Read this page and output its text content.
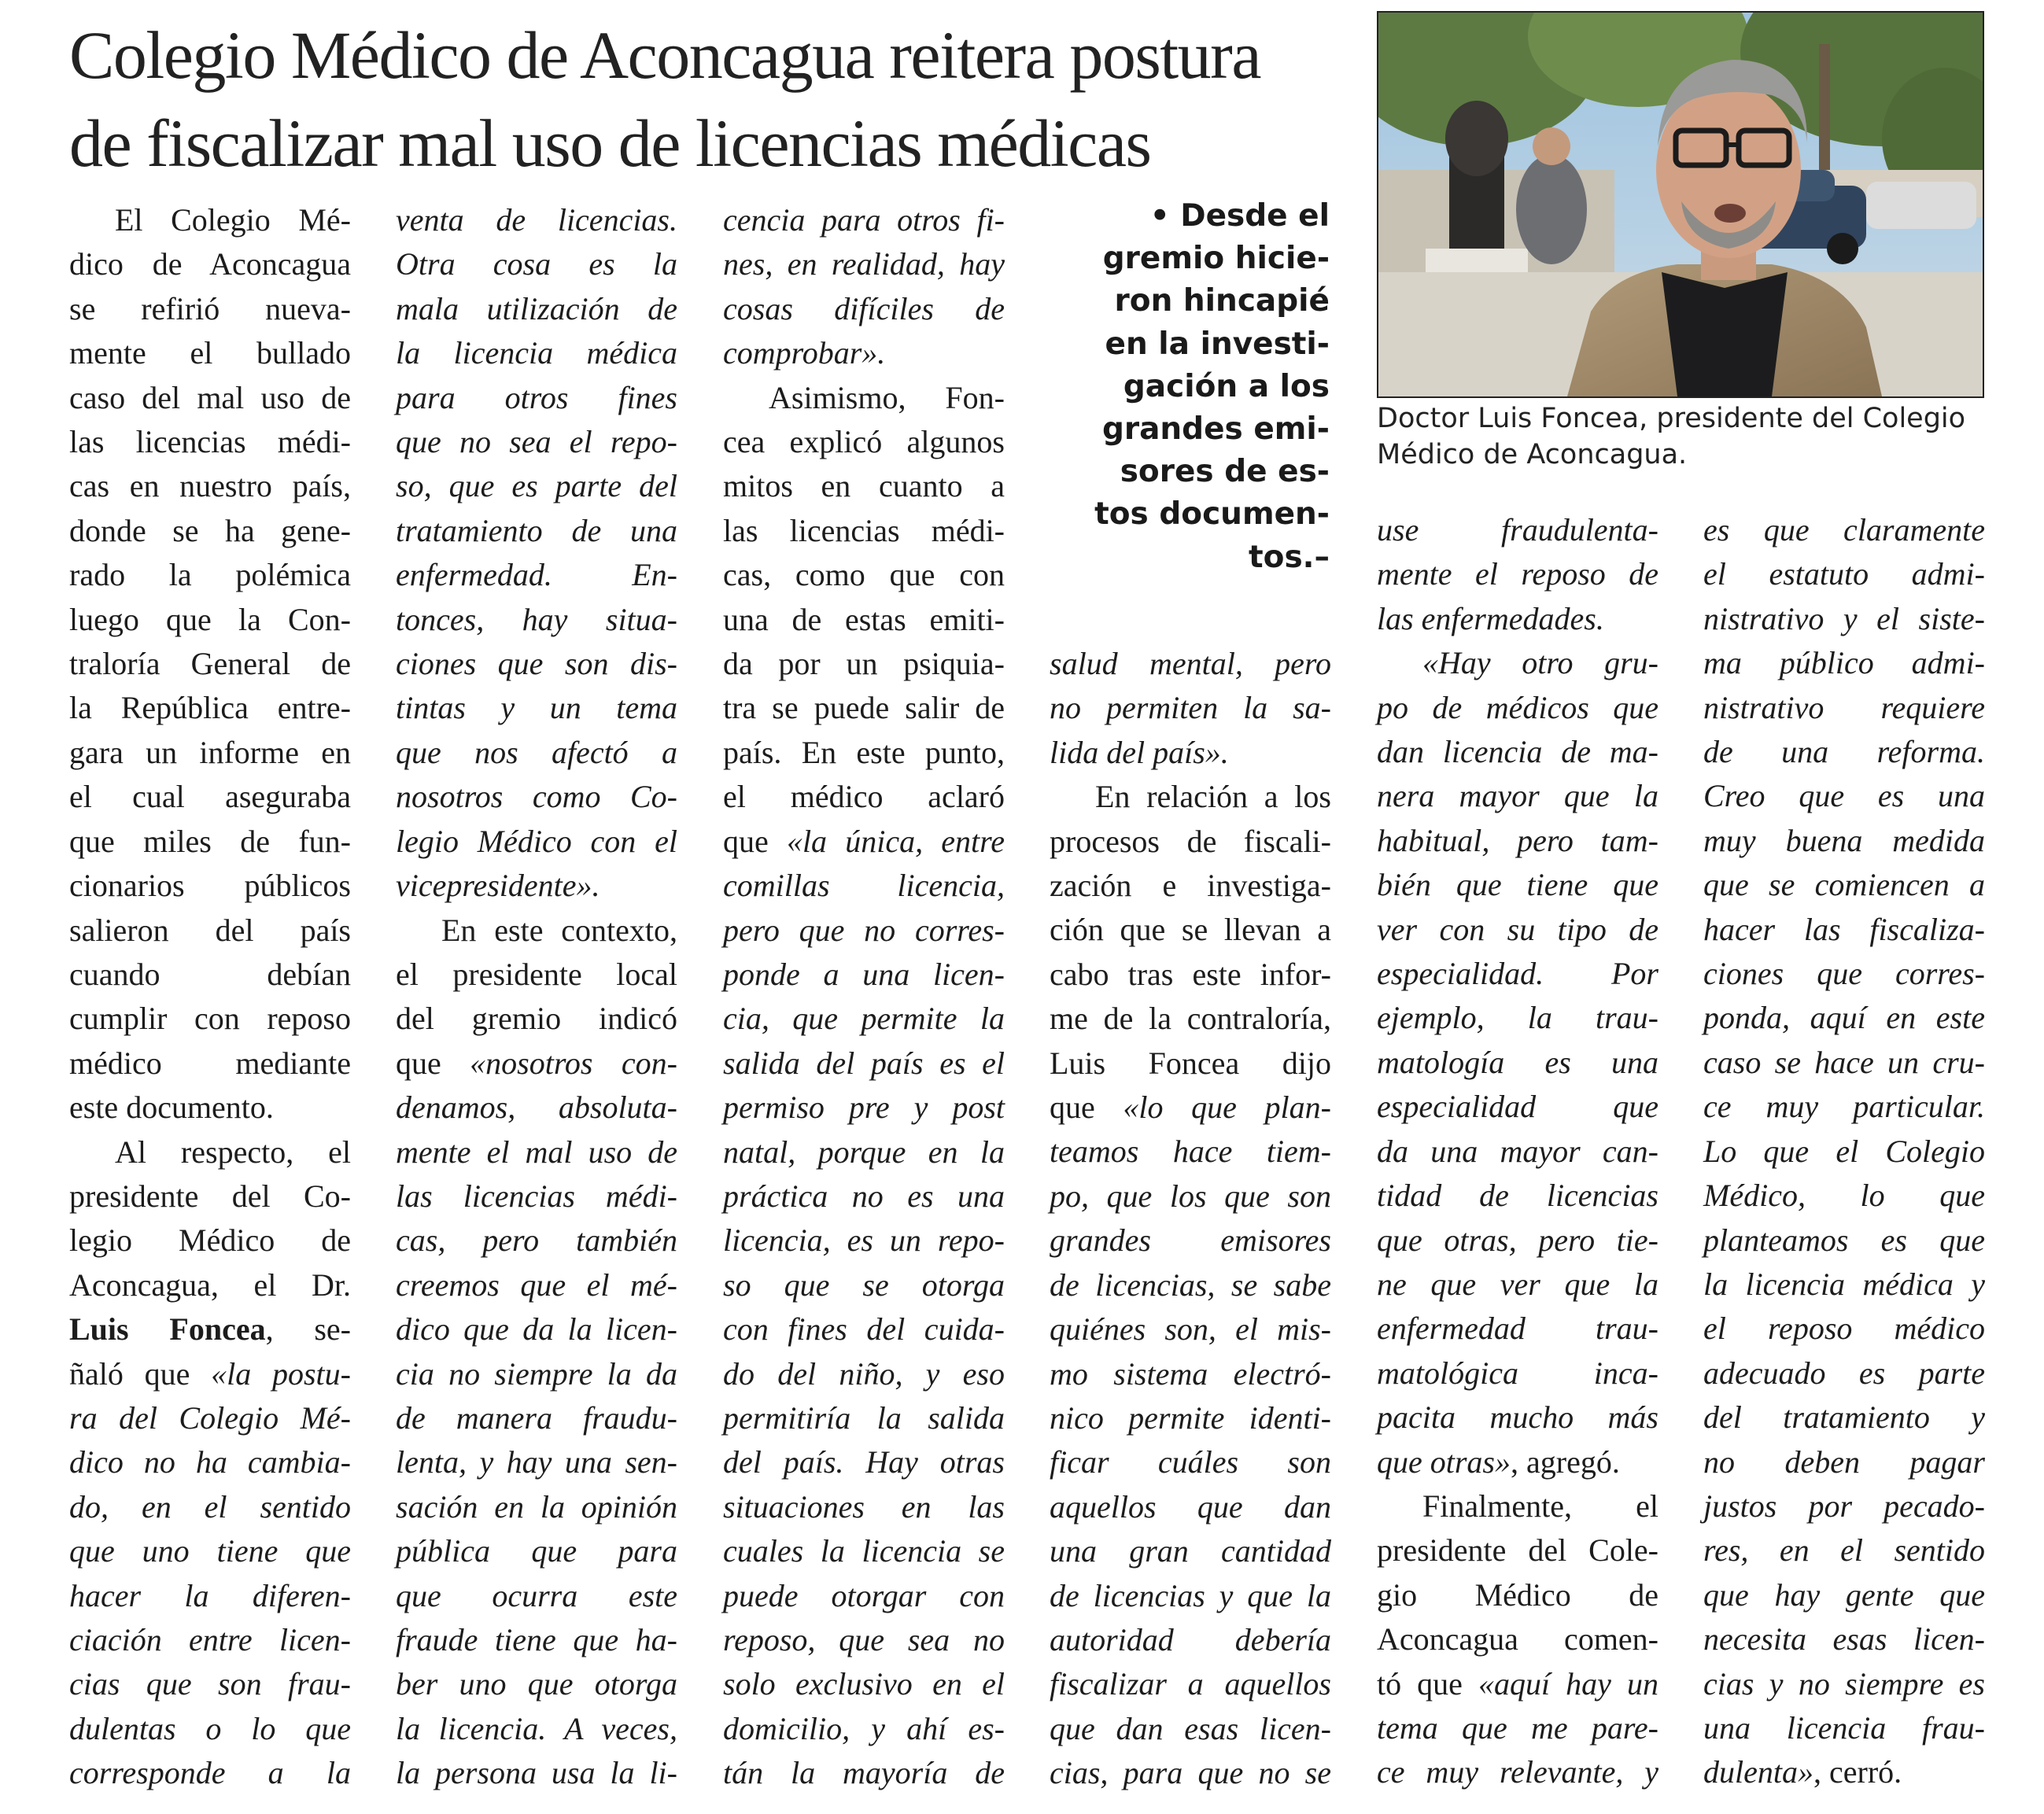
Colegio Médico de Aconcagua reitera postura
de fiscalizar mal uso de licencias médicas

El Colegio Mé-

dico de Aconcagua

se refirió nueva-

mente el bullado

caso del mal uso de

las licencias médi-

cas en nuestro país,

donde se ha gene-

rado la polémica

luego que la Con-

traloría General de

la República entre-

gara un informe en

el cual aseguraba

que miles de fun-

cionarios públicos

salieron del país

cuando debían

cumplir con reposo

médico mediante

este documento.

Al respecto, el

presidente del Co-

legio Médico de

Aconcagua, el Dr.

Luis Foncea, se-

ñaló que «la postu-

ra del Colegio Mé-

dico no ha cambia-

do, en el sentido

que uno tiene que

hacer la diferen-

ciación entre licen-

cias que son frau-

dulentas o lo que

corresponde a la

venta de licencias.

Otra cosa es la

mala utilización de

la licencia médica

para otros fines

que no sea el repo-

so, que es parte del

tratamiento de una

enfermedad. En-

tonces, hay situa-

ciones que son dis-

tintas y un tema

que nos afectó a

nosotros como Co-

legio Médico con el

vicepresidente».

En este contexto,

el presidente local

del gremio indicó

que «nosotros con-

denamos, absoluta-

mente el mal uso de

las licencias médi-

cas, pero también

creemos que el mé-

dico que da la licen-

cia no siempre la da

de manera fraudu-

lenta, y hay una sen-

sación en la opinión

pública que para

que ocurra este

fraude tiene que ha-

ber uno que otorga

la licencia. A veces,

la persona usa la li-

cencia para otros fi-

nes, en realidad, hay

cosas difíciles de

comprobar».

Asimismo, Fon-

cea explicó algunos

mitos en cuanto a

las licencias médi-

cas, como que con

una de estas emiti-

da por un psiquia-

tra se puede salir de

país. En este punto,

el médico aclaró

que «la única, entre

comillas licencia,

pero que no corres-

ponde a una licen-

cia, que permite la

salida del país es el

permiso pre y post

natal, porque en la

práctica no es una

licencia, es un repo-

so que se otorga

con fines del cuida-

do del niño, y eso

permitiría la salida

del país. Hay otras

situaciones en las

cuales la licencia se

puede otorgar con

reposo, que sea no

solo exclusivo en el

domicilio, y ahí es-

tán la mayoría de

salud mental, pero

no permiten la sa-

lida del país».

En relación a los

procesos de fiscali-

zación e investiga-

ción que se llevan a

cabo tras este infor-

me de la contraloría,

Luis Foncea dijo

que «lo que plan-

teamos hace tiem-

po, que los que son

grandes emisores

de licencias, se sabe

quiénes son, el mis-

mo sistema electró-

nico permite identi-

ficar cuáles son

aquellos que dan

una gran cantidad

de licencias y que la

autoridad debería

fiscalizar a aquellos

que dan esas licen-

cias, para que no se

use fraudulenta-

mente el reposo de

las enfermedades.

«Hay otro gru-

po de médicos que

dan licencia de ma-

nera mayor que la

habitual, pero tam-

bién que tiene que

ver con su tipo de

especialidad. Por

ejemplo, la trau-

matología es una

especialidad que

da una mayor can-

tidad de licencias

que otras, pero tie-

ne que ver que la

enfermedad trau-

matológica inca-

pacita mucho más

que otras», agregó.

Finalmente, el

presidente del Cole-

gio Médico de

Aconcagua comen-

tó que «aquí hay un

tema que me pare-

ce muy relevante, y

es que claramente

el estatuto admi-

nistrativo y el siste-

ma público admi-

nistrativo requiere

de una reforma.

Creo que es una

muy buena medida

que se comiencen a

hacer las fiscaliza-

ciones que corres-

ponda, aquí en este

caso se hace un cru-

ce muy particular.

Lo que el Colegio

Médico, lo que

planteamos es que

la licencia médica y

el reposo médico

adecuado es parte

del tratamiento y

no deben pagar

justos por pecado-

res, en el sentido

que hay gente que

necesita esas licen-

cias y no siempre es

una licencia frau-

dulenta», cerró.

• Desde el
gremio hicie-
ron hincapié
en la investi-
gación a los
grandes emi-
sores de es-
tos documen-
tos.–
Doctor Luis Foncea, presidente del Colegio
Médico de Aconcagua.
